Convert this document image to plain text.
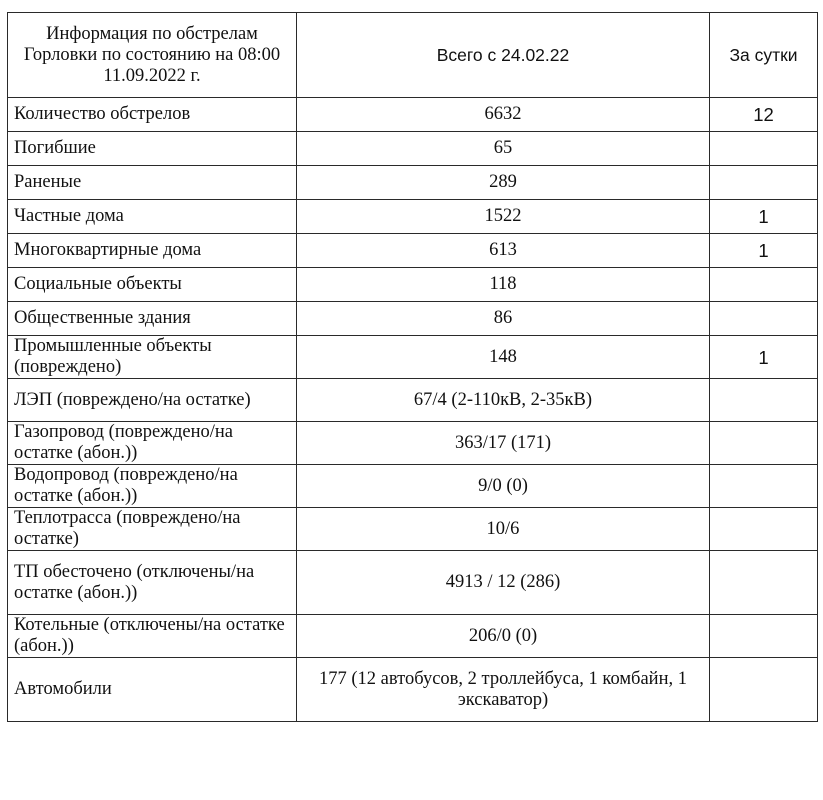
Информация по обстрелам Горловки по состоянию на 08:00 11.09.2022 г.	Всего с 24.02.22	За сутки
Количество обстрелов	6632	12
Погибшие	65	
Раненые	289	
Частные дома	1522	1
Многоквартирные дома	613	1
Социальные объекты	118	
Общественные здания	86	
Промышленные объекты (повреждено)	148	1
ЛЭП (повреждено/на остатке)	67/4 (2-110кВ, 2-35кВ)	
Газопровод (повреждено/на остатке (абон.))	363/17 (171)	
Водопровод (повреждено/на остатке (абон.))	9/0 (0)	
Теплотрасса (повреждено/на остатке)	10/6	
ТП обесточено (отключены/на остатке (абон.))	4913 / 12 (286)	
Котельные (отключены/на остатке (абон.))	206/0 (0)	
Автомобили	177 (12 автобусов, 2 троллейбуса, 1 комбайн, 1 экскаватор)	
